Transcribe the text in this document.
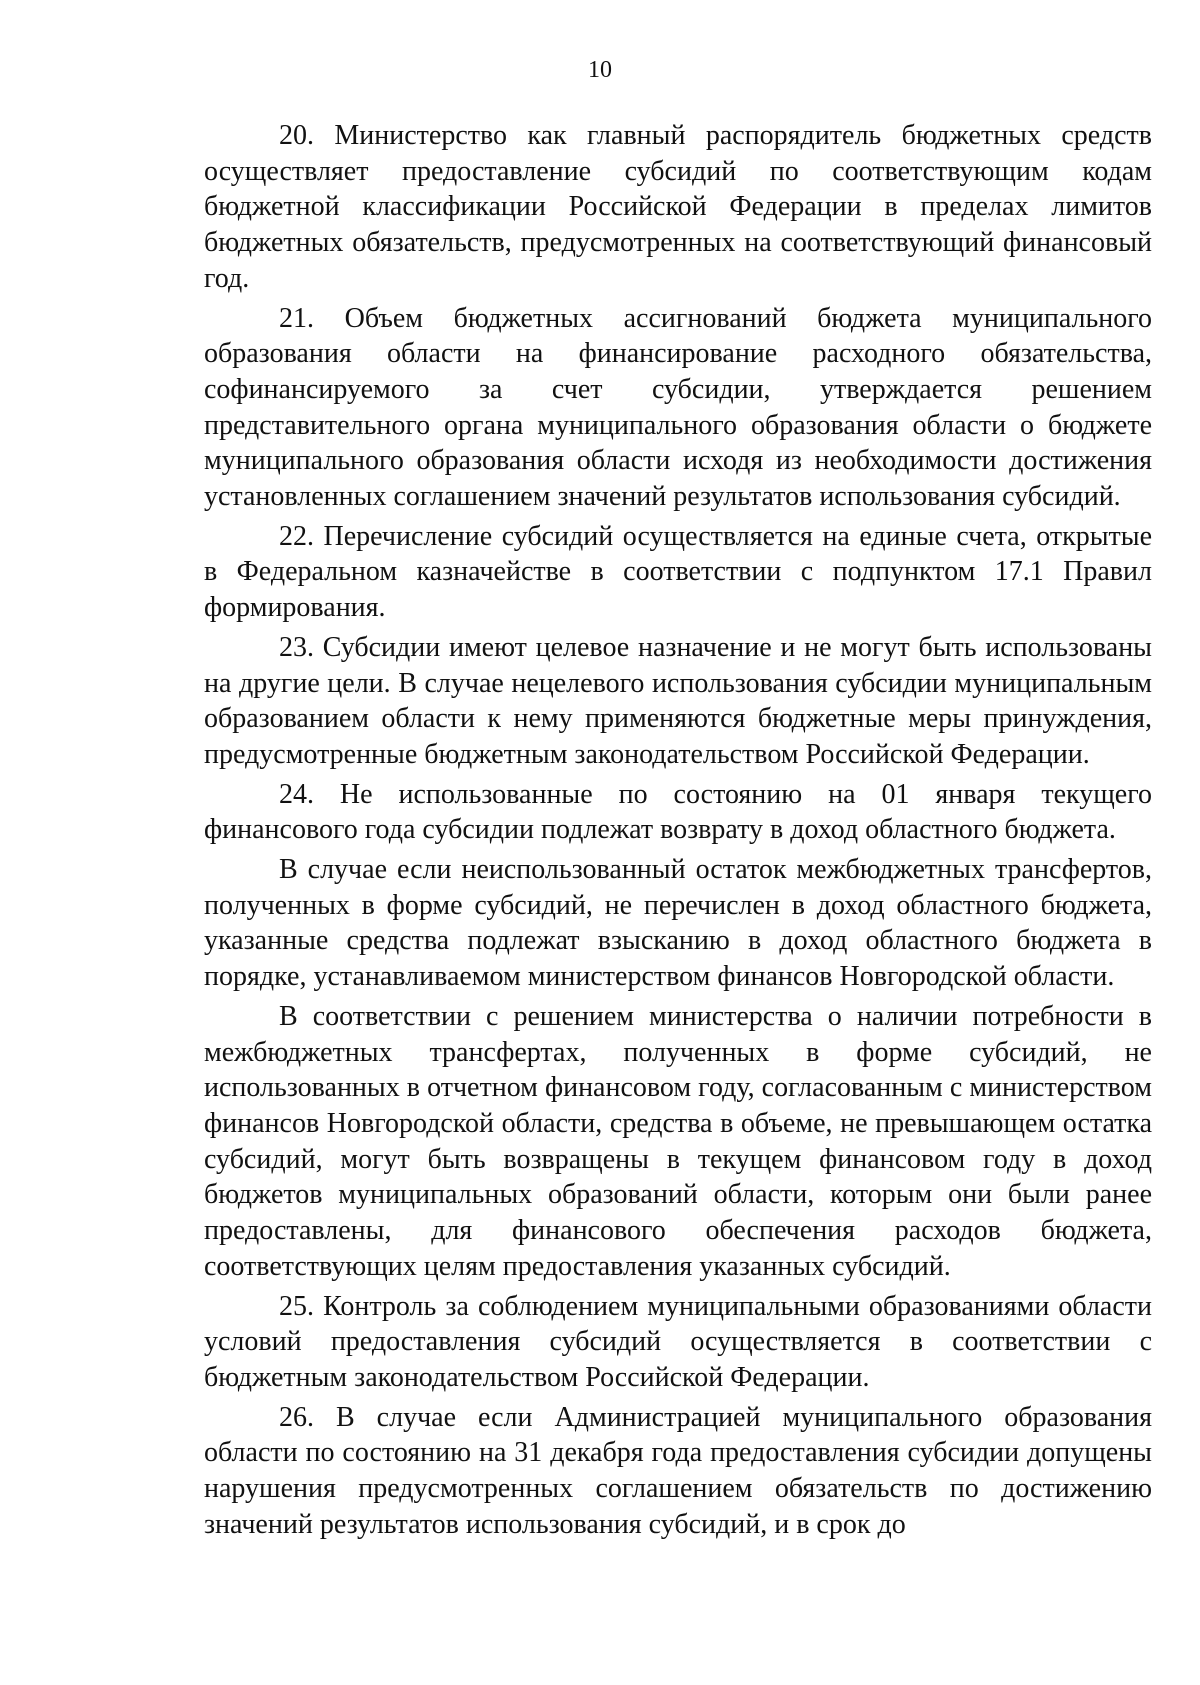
10

20. Министерство как главный распорядитель бюджетных средств осуществляет предоставление субсидий по соответствующим кодам бюджетной классификации Российской Федерации в пределах лимитов бюджетных обязательств, предусмотренных на соответствующий финансовый год.

21. Объем бюджетных ассигнований бюджета муниципального образования области на финансирование расходного обязательства, софинансируемого за счет субсидии, утверждается решением представительного органа муниципального образования области о бюджете муниципального образования области исходя из необходимости достижения установленных соглашением значений результатов использования субсидий.

22. Перечисление субсидий осуществляется на единые счета, открытые в Федеральном казначействе в соответствии с подпунктом 17.1 Правил формирования.

23. Субсидии имеют целевое назначение и не могут быть использованы на другие цели. В случае нецелевого использования субсидии муниципальным образованием области к нему применяются бюджетные меры принуждения, предусмотренные бюджетным законодательством Российской Федерации.

24. Не использованные по состоянию на 01 января текущего финансового года субсидии подлежат возврату в доход областного бюджета.

В случае если неиспользованный остаток межбюджетных трансфертов, полученных в форме субсидий, не перечислен в доход областного бюджета, указанные средства подлежат взысканию в доход областного бюджета в порядке, устанавливаемом министерством финансов Новгородской области.

В соответствии с решением министерства о наличии потребности в межбюджетных трансфертах, полученных в форме субсидий, не использованных в отчетном финансовом году, согласованным с министерством финансов Новгородской области, средства в объеме, не превышающем остатка субсидий, могут быть возвращены в текущем финансовом году в доход бюджетов муниципальных образований области, которым они были ранее предоставлены, для финансового обеспечения расходов бюджета, соответствующих целям предоставления указанных субсидий.

25. Контроль за соблюдением муниципальными образованиями области условий предоставления субсидий осуществляется в соответствии с бюджетным законодательством Российской Федерации.

26. В случае если Администрацией муниципального образования области по состоянию на 31 декабря года предоставления субсидии допущены нарушения предусмотренных соглашением обязательств по достижению значений результатов использования субсидий, и в срок до
